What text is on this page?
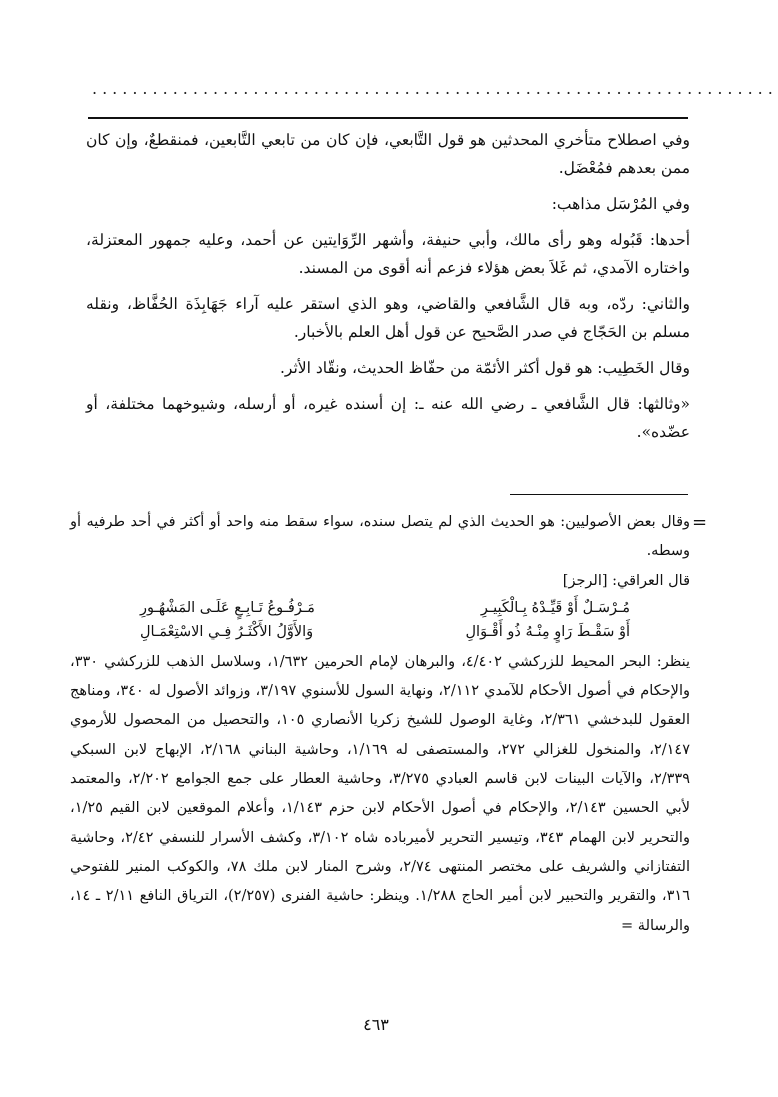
....................................................................

وفي اصطلاح متأخري المحدثين هو قول التَّابعي، فإن كان من تابعي التَّابعين، فمنقطعٌ، وإن كان ممن بعدهم فمُعْضَل.

وفي المُرْسَل مذاهب:

أحدها: قَبُوله وهو رأى مالك، وأبي حنيفة، وأشهر الرِّوَايتين عن أحمد، وعليه جمهور المعتزلة، واختاره الآمدي، ثم غَلاَ بعض هؤلاء فزعم أنه أقوى من المسند.

والثاني: ردّه، وبه قال الشَّافعي والقاضي، وهو الذي استقر عليه آراء جَهَابِذَة الحُفَّاظ، ونقله مسلم بن الحَجّاج في صدر الصَّحيح عن قول أهل العلم بالأخبار.

وقال الخَطِيب: هو قول أكثر الأئمّة من حفّاظ الحديث، ونقّاد الأثر.

«وثالثها: قال الشَّافعي ـ رضي الله عنه ـ: إن أسنده غيره، أو أرسله، وشيوخهما مختلفة، أو عضّده».

=

وقال بعض الأصوليين: هو الحديث الذي لم يتصل سنده، سواء سقط منه واحد أو أكثر في أحد طرفيه أو وسطه.

قال العراقي: [الرجز]

مُـرْسَـلٌ أَوْ قَيِّـدْهُ بِـالْكَبِيـرِ
مَـرْفُـوعُ تَـابِـعٍ عَلَـى المَشْهُـورِ
أَوْ سَقْـطَ رَاوٍ مِنْـهُ ذُو أَقْـوَالِ
وَالأَوَّلُ الأَكْثَـرُ فِـي الاسْتِعْمَـالِ

ينظر: البحر المحيط للزركشي ٤/٤٠٢، والبرهان لإمام الحرمين ١/٦٣٢، وسلاسل الذهب للزركشي ٣٣٠، والإحكام في أصول الأحكام للآمدي ٢/١١٢، ونهاية السول للأسنوي ٣/١٩٧، وزوائد الأصول له ٣٤٠، ومناهج العقول للبدخشي ٢/٣٦١، وغاية الوصول للشيخ زكريا الأنصاري ١٠٥، والتحصيل من المحصول للأرموي ٢/١٤٧، والمنخول للغزالي ٢٧٢، والمستصفى له ١/١٦٩، وحاشية البناني ٢/١٦٨، الإبهاج لابن السبكي ٢/٣٣٩، والآيات البينات لابن قاسم العبادي ٣/٢٧٥، وحاشية العطار على جمع الجوامع ٢/٢٠٢، والمعتمد لأبي الحسين ٢/١٤٣، والإحكام في أصول الأحكام لابن حزم ١/١٤٣، وأعلام الموقعين لابن القيم ١/٢٥، والتحرير لابن الهمام ٣٤٣، وتيسير التحرير لأميرباده شاه ٣/١٠٢، وكشف الأسرار للنسفي ٢/٤٢، وحاشية التفتازاني والشريف على مختصر المنتهى ٢/٧٤، وشرح المنار لابن ملك ٧٨، والكوكب المنير للفتوحي ٣١٦، والتقرير والتحبير لابن أمير الحاج ١/٢٨٨. وينظر: حاشية الفنرى (٢/٢٥٧)، الترياق النافع ٢/١١ ـ ١٤، والرسالة =

٤٦٣
